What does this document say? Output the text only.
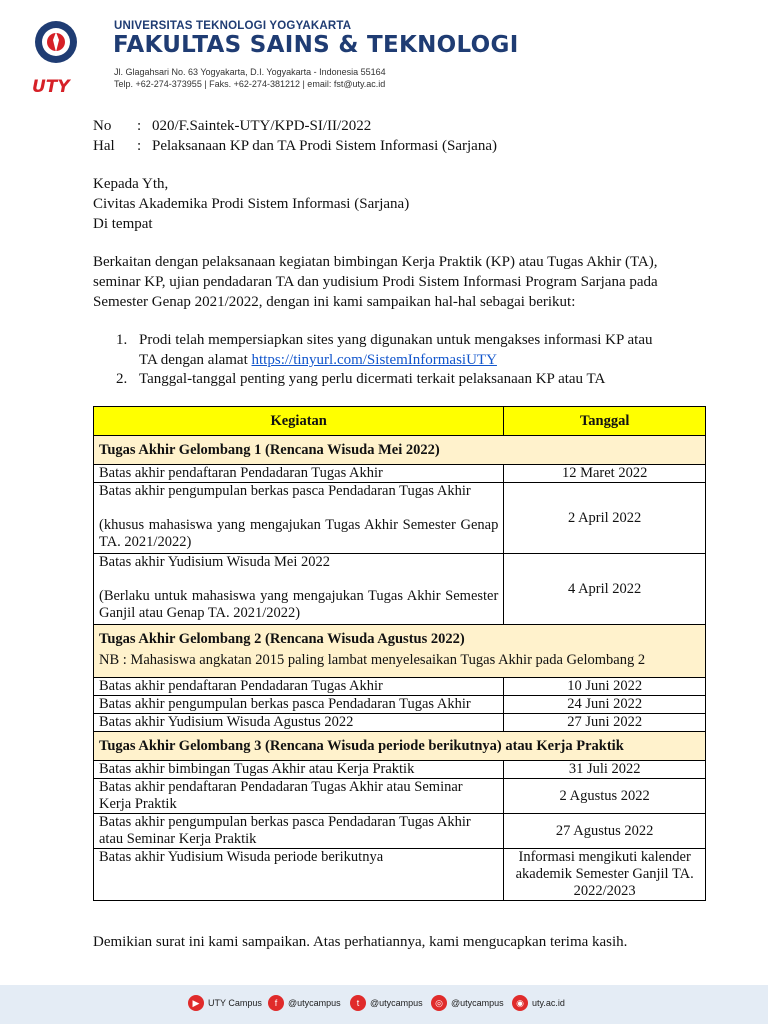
UTY
UNIVERSITAS TEKNOLOGI YOGYAKARTA
FAKULTAS SAINS & TEKNOLOGI
Jl. Glagahsari No. 63 Yogyakarta, D.I. Yogyakarta - Indonesia 55164
Telp. +62-274-373955 | Faks. +62-274-381212 | email: fst@uty.ac.id
No : 020/F.Saintek-UTY/KPD-SI/II/2022
Hal : Pelaksanaan KP dan TA Prodi Sistem Informasi (Sarjana)
Kepada Yth,
Civitas Akademika Prodi Sistem Informasi (Sarjana)
Di tempat
Berkaitan dengan pelaksanaan kegiatan bimbingan Kerja Praktik (KP) atau Tugas Akhir (TA),
seminar KP, ujian pendadaran TA dan yudisium Prodi Sistem Informasi Program Sarjana pada
Semester Genap 2021/2022, dengan ini kami sampaikan hal-hal sebagai berikut:
1. Prodi telah mempersiapkan sites yang digunakan untuk mengakses informasi KP atau
TA dengan alamat https://tinyurl.com/SistemInformasiUTY
2. Tanggal-tanggal penting yang perlu dicermati terkait pelaksanaan KP atau TA
Kegiatan	Tanggal
Tugas Akhir Gelombang 1 (Rencana Wisuda Mei 2022)	
Batas akhir pendaftaran Pendadaran Tugas Akhir	12 Maret 2022

Batas akhir pengumpulan berkas pasca Pendadaran Tugas Akhir
(khusus mahasiswa yang mengajukan Tugas Akhir Semester Genap TA. 2021/2022)	2 April 2022

Batas akhir Yudisium Wisuda Mei 2022
(Berlaku untuk mahasiswa yang mengajukan Tugas Akhir Semester Ganjil atau Genap TA. 2021/2022)	4 April 2022
Tugas Akhir Gelombang 2 (Rencana Wisuda Agustus 2022)
NB : Mahasiswa angkatan 2015 paling lambat menyelesaikan Tugas Akhir pada Gelombang 2	

Batas akhir pendaftaran Pendadaran Tugas Akhir	10 Juni 2022
Batas akhir pengumpulan berkas pasca Pendadaran Tugas Akhir	24 Juni 2022
Batas akhir Yudisium Wisuda Agustus 2022	27 Juni 2022
Tugas Akhir Gelombang 3 (Rencana Wisuda periode berikutnya) atau Kerja Praktik	
Batas akhir bimbingan Tugas Akhir atau Kerja Praktik	31 Juli 2022
Batas akhir pendaftaran Pendadaran Tugas Akhir atau Seminar Kerja Praktik	2 Agustus 2022
Batas akhir pengumpulan berkas pasca Pendadaran Tugas Akhir atau Seminar Kerja Praktik	27 Agustus 2022
Batas akhir Yudisium Wisuda periode berikutnya	Informasi mengikuti kalender akademik Semester Ganjil TA. 2022/2023
Demikian surat ini kami sampaikan. Atas perhatiannya, kami mengucapkan terima kasih.
▶ UTY Campus	f	@utycampus	t	@utycampus	◎ @utycampus	◉ uty.ac.id
